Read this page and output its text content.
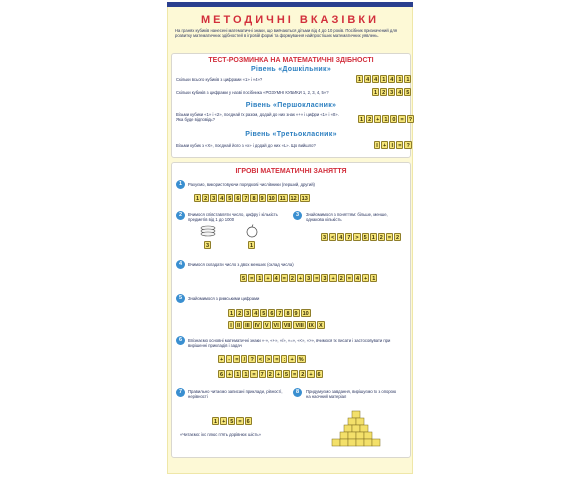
МЕТОДИЧНІ ВКАЗІВКИ
На гранях кубиків нанесені математичні знаки, що вивчаються дітьми від 4 до 10 років. Посібник призначений для розвитку математичних здібностей в ігровій формі та формування найпростіших математичних уявлень.
ТЕСТ-РОЗМИНКА НА МАТЕМАТИЧНІ ЗДІБНОСТІ
Рівень «Дошкільник»
Скільки всього кубиків з цифрами «1» і «4»?	1 4 4 1 4 1 1
Скільки кубиків з цифрами у назві посібника «РОЗУМНІ КУБИКИ 1, 2, 3, 4, 5»?	1 2 3 4 5
Рівень «Першокласник»
Візьми кубики «1» і «2», поєднай їх разом, додай до них знак «+» і цифри «1» і «0». Яка буде відповідь?	1 2 + 1 0 = ?
Рівень «Третьокласник»
Візьми кубик з «Х», поєднай його з «х» і додай до них «L». Що вийшло?	I + I = ?
ІГРОВІ МАТЕМАТИЧНІ ЗАНЯТТЯ
1	Рахуємо, використовуючи порядкові числівники (перший, другий)
1 2 3 4 5 6 7 8 9 10 11 12 13
2	Вчимося співставляти число, цифру і кількість предметів від 1 до 1000
3	Знайомимося з поняттям: більше, менше, однакова кількість
3	1
3 < 4 7 > 5 1 2 = 2
4	Вчимося складати число з двох менших (склад числа)
5 = 1 + 4 = 2 + 3 = 3 + 2 = 4 + 1
5	Знайомимося з римськими цифрами
1 2 3 4 5 6 7 8 9 10
I II III IV V VI VII VIII IX X
6	Впізнаємо основні математичні знаки «-», «+», «/», «=», «<», «>», вчимося їх писати і застосовувати при вирішенні прикладів і задач
+ - = / ? < > = : + %
6 + 1 1 = 7 2 + 5 = 2 + 6
7	Правильно читаємо записані приклади, рівності, нерівності
8	Придумуємо завдання, вирішуємо їх з опорою на наочний матеріал
1 + 5 = 6
«Читаємо: ікс плюс п'ять дорівнює шість»
